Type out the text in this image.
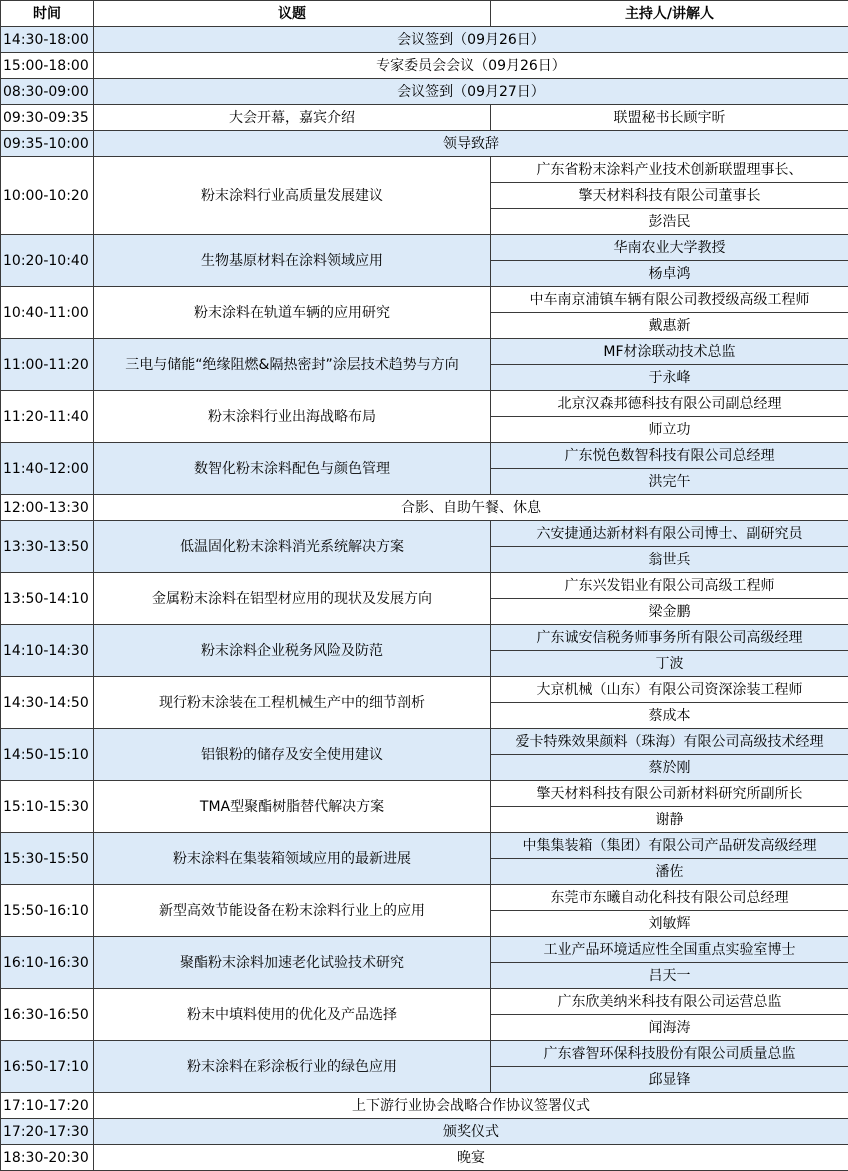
时间	议题	主持人/讲解人
14:30-18:00	会议签到（09月26日）	
15:00-18:00	专家委员会会议（09月26日）	
08:30-09:00	会议签到（09月27日）	
09:30-09:35	大会开幕，嘉宾介绍	联盟秘书长顾宇昕
09:35-10:00	领导致辞	
10:00-10:20	粉末涂料行业高质量发展建议	广东省粉末涂料产业技术创新联盟理事长、
		擎天材料科技有限公司董事长
		彭浩民
10:20-10:40	生物基原材料在涂料领域应用	华南农业大学教授
		杨卓鸿
10:40-11:00	粉末涂料在轨道车辆的应用研究	中车南京浦镇车辆有限公司教授级高级工程师
		戴惠新
11:00-11:20	三电与储能“绝缘阻燃&隔热密封”涂层技术趋势与方向	MF材涂联动技术总监
		于永峰
11:20-11:40	粉末涂料行业出海战略布局	北京汉森邦德科技有限公司副总经理
		师立功
11:40-12:00	数智化粉末涂料配色与颜色管理	广东悦色数智科技有限公司总经理
		洪完午
12:00-13:30	合影、自助午餐、休息	
13:30-13:50	低温固化粉末涂料消光系统解决方案	六安捷通达新材料有限公司博士、副研究员
		翁世兵
13:50-14:10	金属粉末涂料在铝型材应用的现状及发展方向	广东兴发铝业有限公司高级工程师
		梁金鹏
14:10-14:30	粉末涂料企业税务风险及防范	广东诚安信税务师事务所有限公司高级经理
		丁波
14:30-14:50	现行粉末涂装在工程机械生产中的细节剖析	大京机械（山东）有限公司资深涂装工程师
		蔡成本
14:50-15:10	铝银粉的储存及安全使用建议	爱卡特殊效果颜料（珠海）有限公司高级技术经理
		蔡於刚
15:10-15:30	TMA型聚酯树脂替代解决方案	擎天材料科技有限公司新材料研究所副所长
		谢静
15:30-15:50	粉末涂料在集装箱领域应用的最新进展	中集集装箱（集团）有限公司产品研发高级经理
		潘佐
15:50-16:10	新型高效节能设备在粉末涂料行业上的应用	东莞市东曦自动化科技有限公司总经理
		刘敏辉
16:10-16:30	聚酯粉末涂料加速老化试验技术研究	工业产品环境适应性全国重点实验室博士
		吕天一
16:30-16:50	粉末中填料使用的优化及产品选择	广东欣美纳米科技有限公司运营总监
		闻海涛
16:50-17:10	粉末涂料在彩涂板行业的绿色应用	广东睿智环保科技股份有限公司质量总监
		邱显锋
17:10-17:20	上下游行业协会战略合作协议签署仪式	
17:20-17:30	颁奖仪式	
18:30-20:30	晚宴	
